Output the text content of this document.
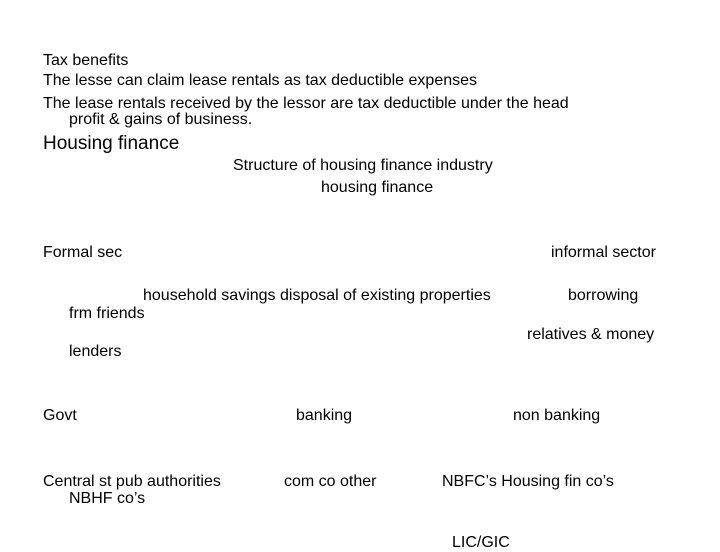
Tax benefits
The lesse can claim lease rentals as tax deductible expenses
The lease rentals received by the lessor are tax deductible under the head
profit & gains of business.
Housing finance
Structure of housing finance industry
housing finance
Formal sec	informal sector
household savings disposal of existing properties	borrowing
frm friends
relatives & money
lenders
Govt	banking	non banking
Central st pub authorities
NBHF co’s
com co other	NBFC’s Housing fin co’s
LIC/GIC
